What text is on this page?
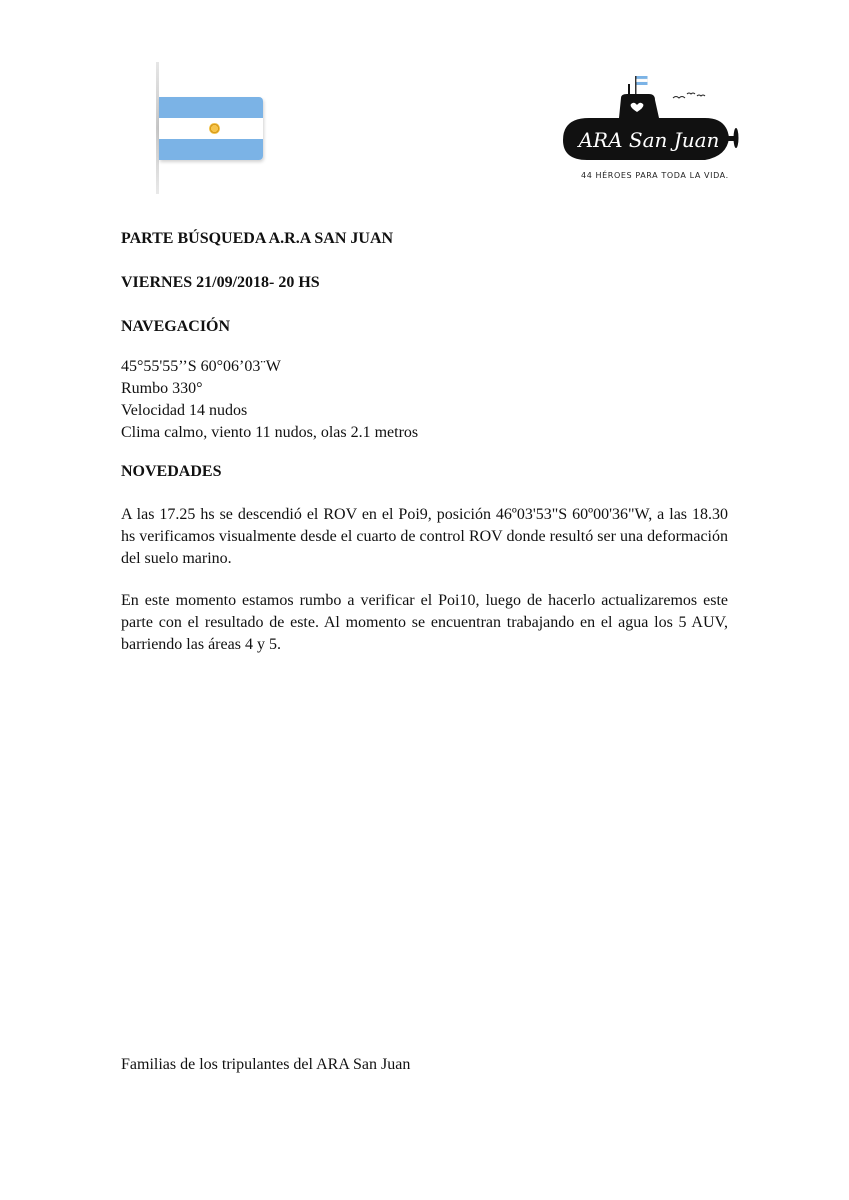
ARA San Juan
44 HÉROES PARA TODA LA VIDA.
PARTE BÚSQUEDA A.R.A SAN JUAN
VIERNES 21/09/2018- 20 HS
NAVEGACIÓN
45°55'55’’S 60°06’03¨W
Rumbo 330°
Velocidad 14 nudos
Clima calmo, viento 11 nudos, olas 2.1 metros
NOVEDADES
A las 17.25 hs se descendió el ROV en el Poi9, posición 46º03'53"S 60º00'36"W, a las 18.30 hs verificamos visualmente desde el cuarto de control ROV donde resultó ser una deformación del suelo marino.
En este momento estamos rumbo a verificar el Poi10, luego de hacerlo actualizaremos este parte con el resultado de este. Al momento se encuentran trabajando en el agua los 5 AUV, barriendo las áreas 4 y 5.
Familias de los tripulantes del ARA San Juan
